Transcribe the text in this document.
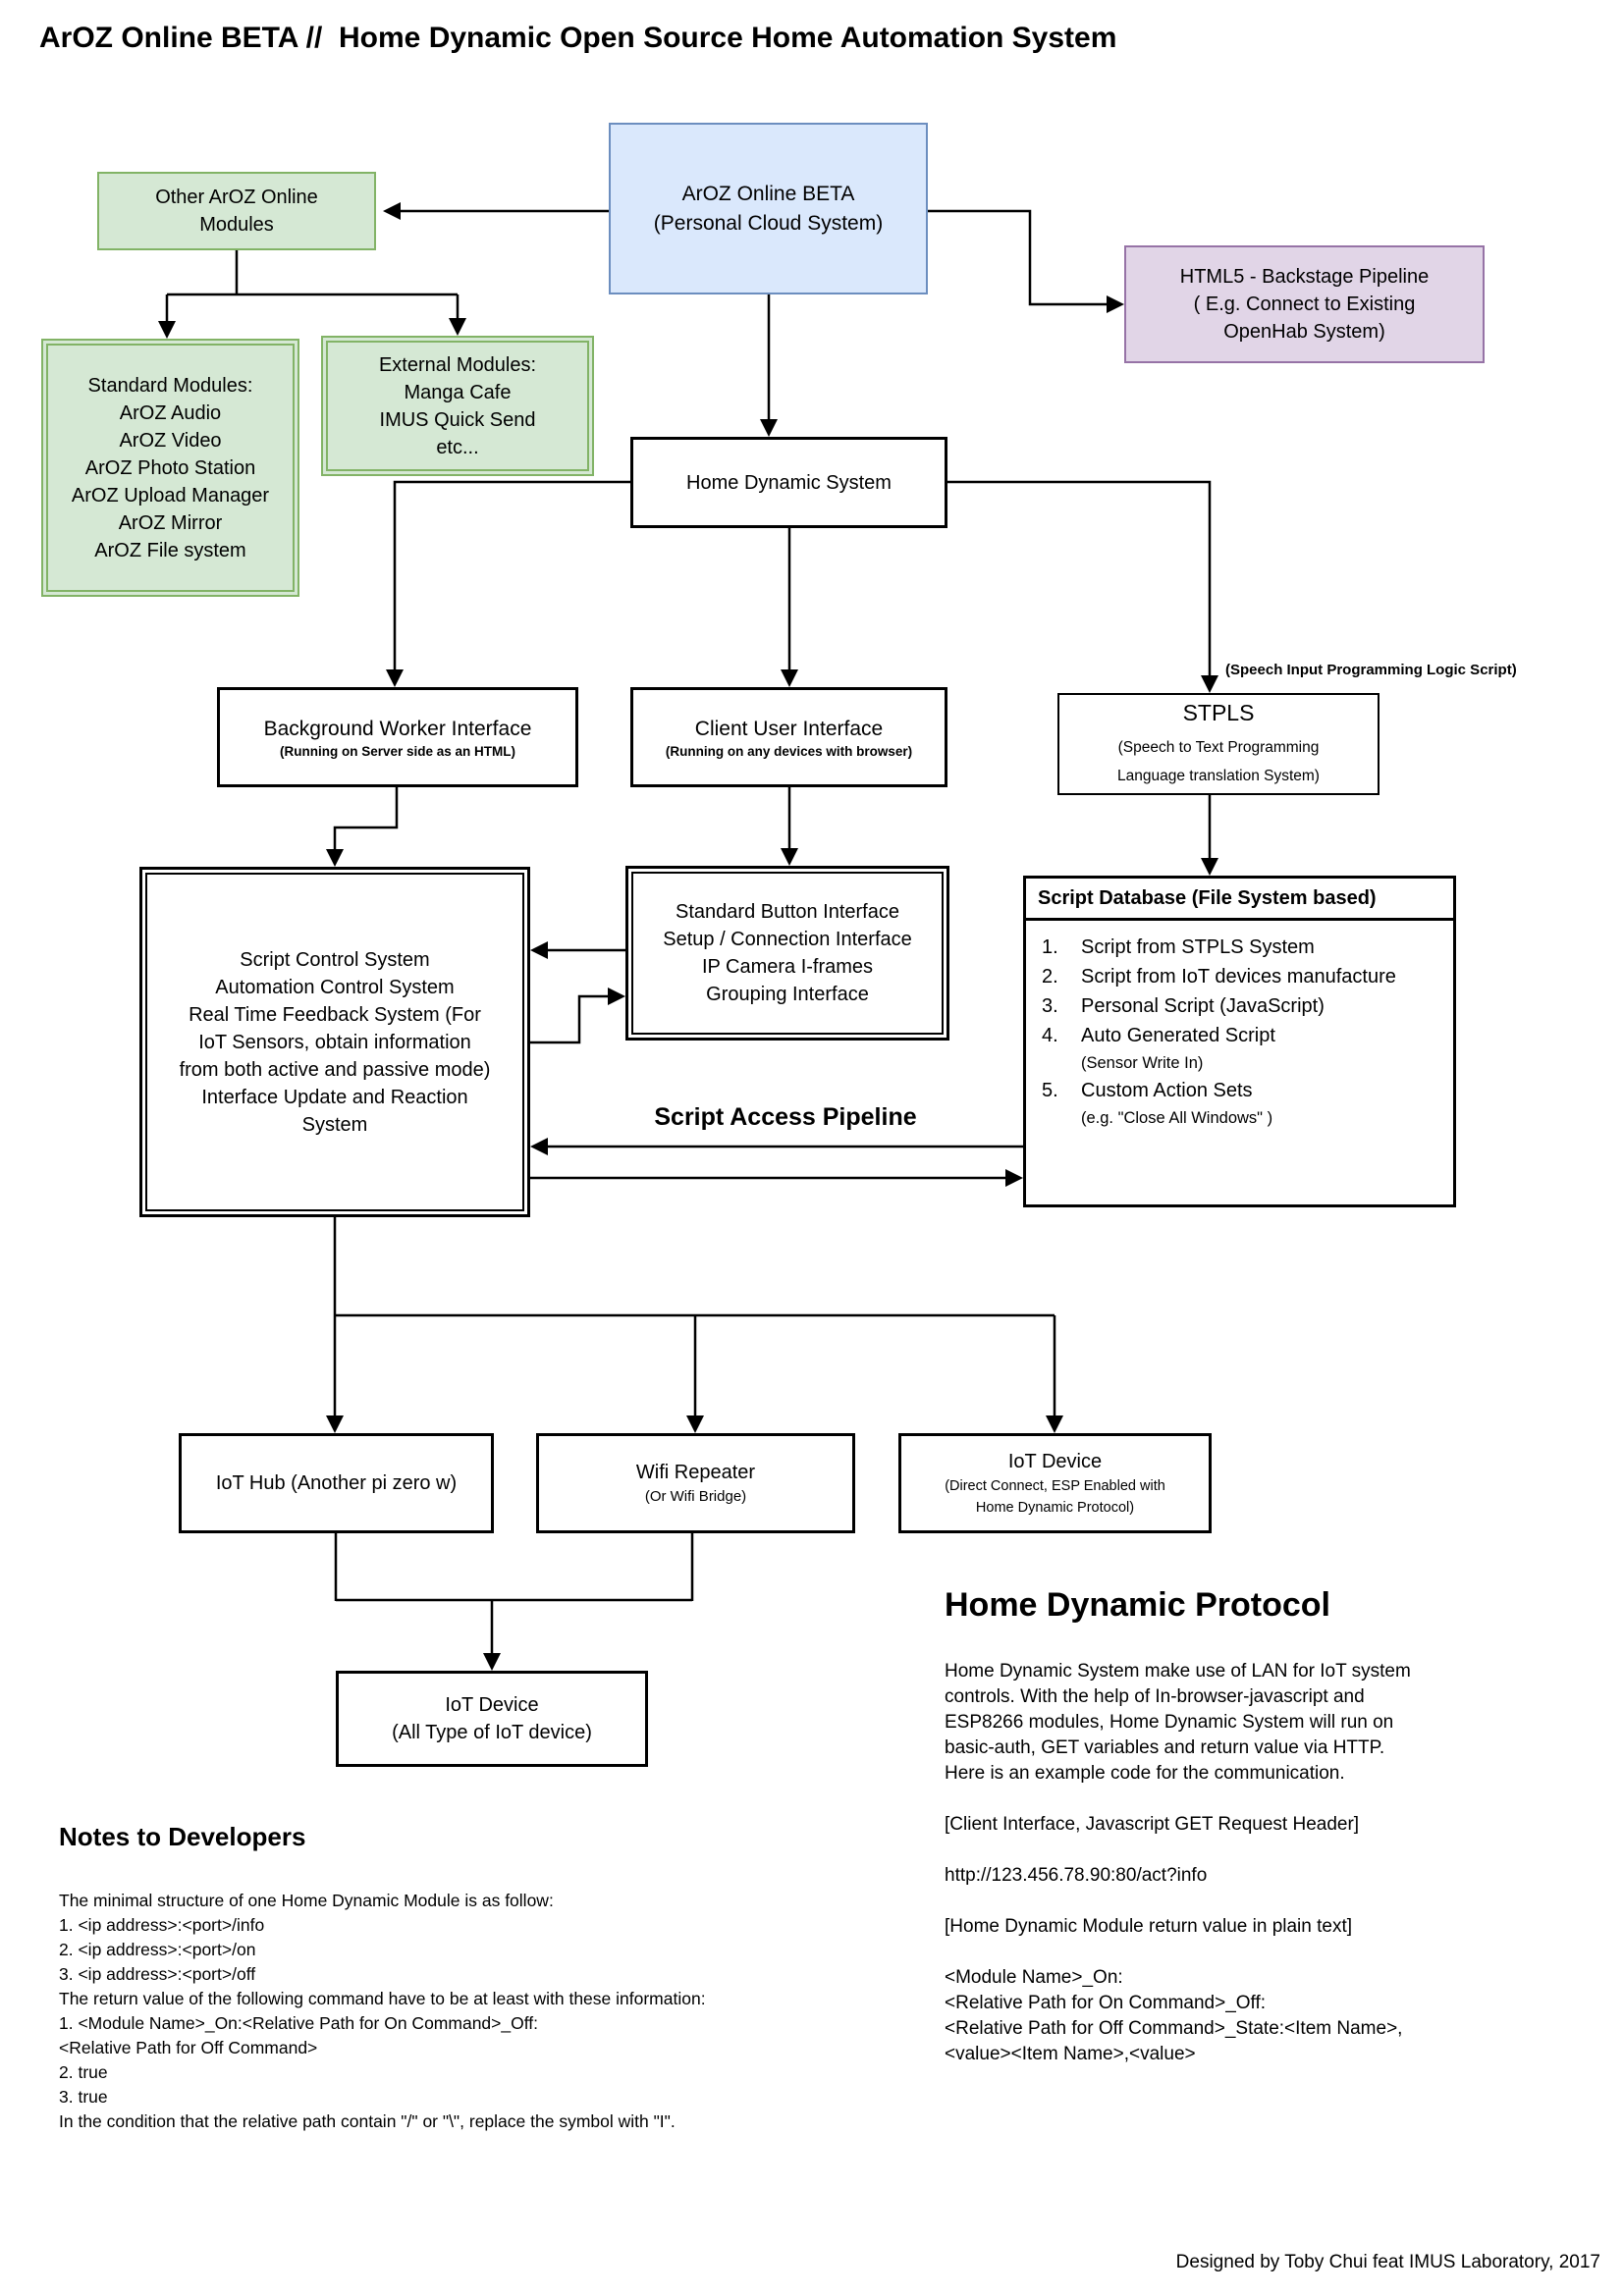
ArOZ Online BETA //  Home Dynamic Open Source Home Automation System
ArOZ Online BETA
(Personal Cloud System)
Other ArOZ Online
Modules
HTML5 - Backstage Pipeline
( E.g. Connect to Existing
OpenHab System)
Standard Modules:
ArOZ Audio
ArOZ Video
ArOZ Photo Station
ArOZ Upload Manager
ArOZ Mirror
ArOZ File system
External Modules:
Manga Cafe
IMUS Quick Send
etc...
Home Dynamic System
Background Worker Interface
(Running on Server side as an HTML)
Client User Interface
(Running on any devices with browser)
(Speech Input Programming Logic Script)
STPLS
(Speech to Text Programming
Language translation System)
Script Control System
Automation Control System
Real Time Feedback System (For
IoT Sensors, obtain information
from both active and passive mode)
Interface Update and Reaction
System
Standard Button Interface
Setup / Connection Interface
IP Camera I-frames
Grouping Interface
Script Database (File System based)
1.	Script from STPLS System
2.	Script from IoT devices manufacture
3.	Personal Script (JavaScript)
4.	Auto Generated Script
(Sensor Write In)
5.	Custom Action Sets
(e.g. "Close All Windows" )
Script Access Pipeline
IoT Hub (Another pi zero w)
Wifi Repeater
(Or Wifi Bridge)
IoT Device
(Direct Connect, ESP Enabled with
Home Dynamic Protocol)
IoT Device
(All Type of IoT device)
Home Dynamic Protocol
Home Dynamic System make use of LAN for IoT system
controls. With the help of In-browser-javascript and
ESP8266 modules, Home Dynamic System will run on
basic-auth, GET variables and return value via HTTP.
Here is an example code for the communication.
[Client Interface, Javascript GET Request Header]
http://123.456.78.90:80/act?info
[Home Dynamic Module return value in plain text]
<Module Name>_On:
<Relative Path for On Command>_Off:
<Relative Path for Off Command>_State:<Item Name>,
<value><Item Name>,<value>
Notes to Developers
The minimal structure of one Home Dynamic Module is as follow:
1. <ip address>:<port>/info
2. <ip address>:<port>/on
3. <ip address>:<port>/off
The return value of the following command have to be at least with these information:
1. <Module Name>_On:<Relative Path for On Command>_Off:
<Relative Path for Off Command>
2. true
3. true
In the condition that the relative path contain "/" or "\", replace the symbol with "I".
Designed by Toby Chui feat IMUS Laboratory, 2017
